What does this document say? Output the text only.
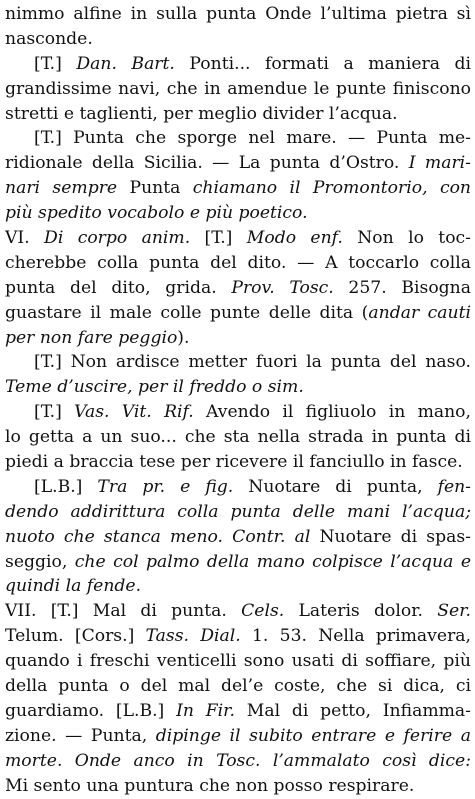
nimmo alfine in sulla punta Onde l’ultima pietra sì
nasconde.
[T.] Dan. Bart. Ponti... formati a maniera di
grandissime navi, che in amendue le punte finiscono
stretti e taglienti, per meglio divider l’acqua.
[T.] Punta che sporge nel mare. — Punta me-
ridionale della Sicilia. — La punta d’Ostro. I mari-
nari sempre Punta chiamano il Promontorio, con
più spedito vocabolo e più poetico.
VI. Di corpo anim. [T.] Modo enf. Non lo toc-
cherebbe colla punta del dito. — A toccarlo colla
punta del dito, grida. Prov. Tosc. 257. Bisogna
guastare il male colle punte delle dita (andar cauti
per non fare peggio).
[T.] Non ardisce metter fuori la punta del naso.
Teme d’uscire, per il freddo o sim.
[T.] Vas. Vit. Rif. Avendo il figliuolo in mano,
lo getta a un suo... che sta nella strada in punta di
piedi a braccia tese per ricevere il fanciullo in fasce.
[L.B.] Tra pr. e fig. Nuotare di punta, fen-
dendo addirittura colla punta delle mani l’acqua;
nuoto che stanca meno. Contr. al Nuotare di spas-
seggio, che col palmo della mano colpisce l’acqua e
quindi la fende.
VII. [T.] Mal di punta. Cels. Lateris dolor. Ser.
Telum. [Cors.] Tass. Dial. 1. 53. Nella primavera,
quando i freschi venticelli sono usati di soffiare, più
della punta o del mal del’e coste, che si dica, ci
guardiamo. [L.B.] In Fir. Mal di petto, Infiamma-
zione. — Punta, dipinge il subito entrare e ferire a
morte. Onde anco in Tosc. l’ammalato così dice:
Mi sento una puntura che non posso respirare.
